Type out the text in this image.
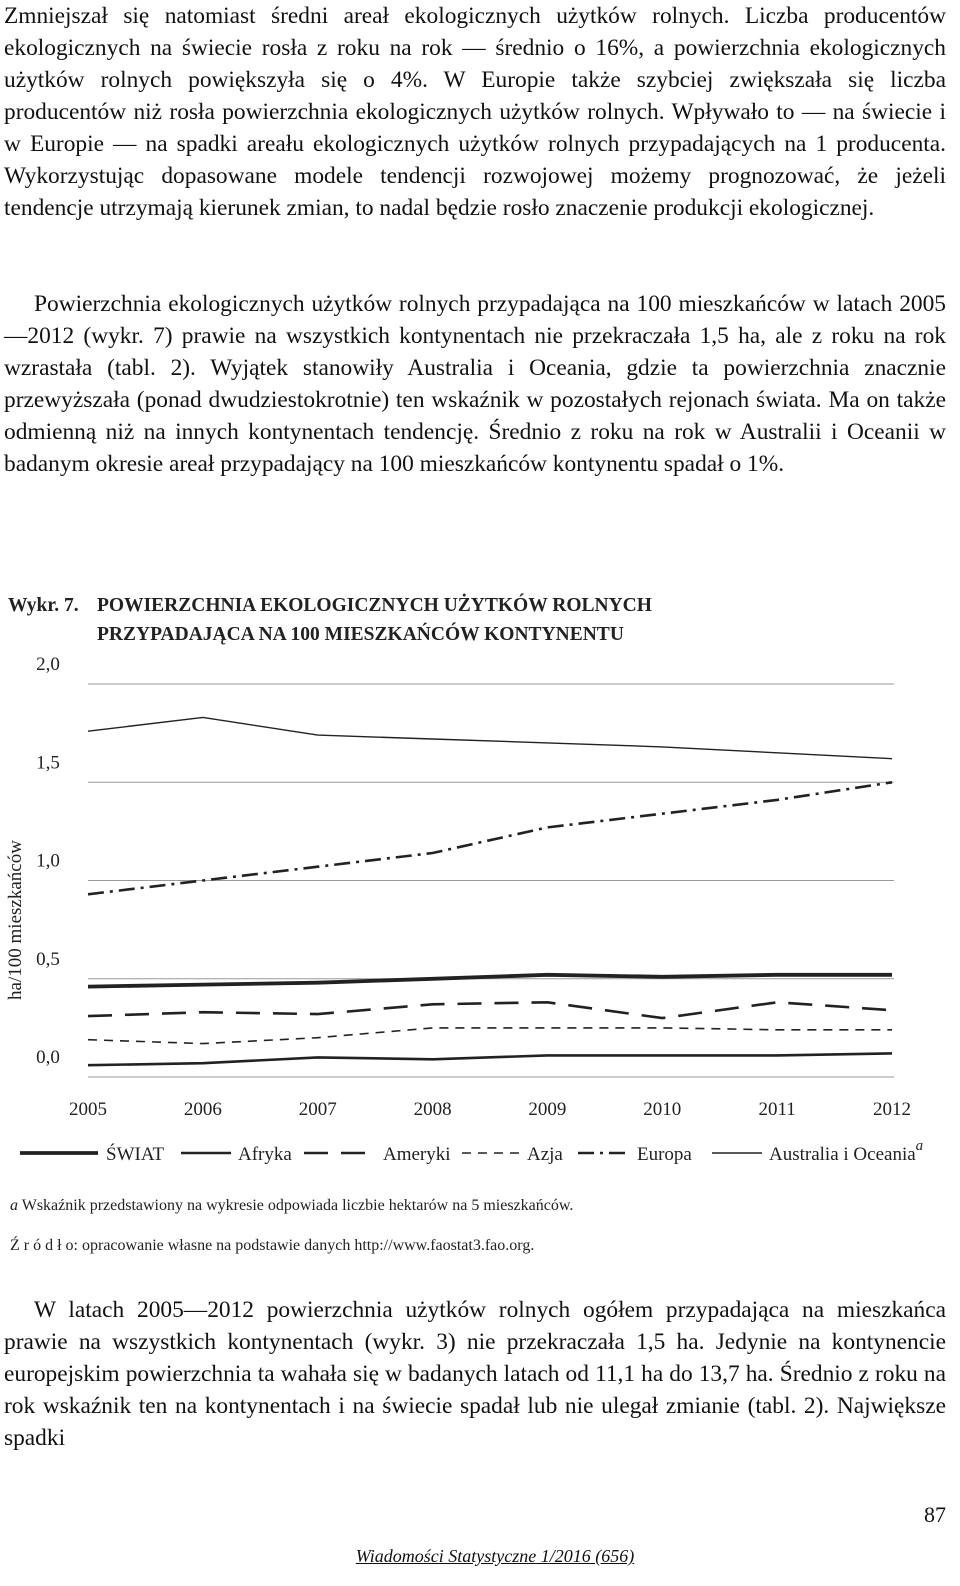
Zmniejszał się natomiast średni areał ekologicznych użytków rolnych. Liczba producentów ekologicznych na świecie rosła z roku na rok — średnio o 16%, a powierzchnia ekologicznych użytków rolnych powiększyła się o 4%. W Europie także szybciej zwiększała się liczba producentów niż rosła powierzchnia ekologicznych użytków rolnych. Wpływało to — na świecie i w Europie — na spadki areału ekologicznych użytków rolnych przypadających na 1 producenta. Wykorzystując dopasowane modele tendencji rozwojowej możemy prognozować, że jeżeli tendencje utrzymają kierunek zmian, to nadal będzie rosło znaczenie produkcji ekologicznej.

Powierzchnia ekologicznych użytków rolnych przypadająca na 100 mieszkańców w latach 2005—2012 (wykr. 7) prawie na wszystkich kontynentach nie przekraczała 1,5 ha, ale z roku na rok wzrastała (tabl. 2). Wyjątek stanowiły Australia i Oceania, gdzie ta powierzchnia znacznie przewyższała (ponad dwudziestokrotnie) ten wskaźnik w pozostałych rejonach świata. Ma on także odmienną niż na innych kontynentach tendencję. Średnio z roku na rok w Australii i Oceanii w badanym okresie areał przypadający na 100 mieszkańców kontynentu spadał o 1%.

Wykr. 7. POWIERZCHNIA EKOLOGICZNYCH UŻYTKÓW ROLNYCH

PRZYPADAJĄCA NA 100 MIESZKAŃCÓW KONTYNENTU

ha/100 mieszkańców
0,0
0,5
1,0
1,5
2,0
2005	2006	2007	2008	2009	2010	2011	2012
ŚWIAT	Afryka	Ameryki	Azja	Europa	Australia i Oceania$^a$

a Wskaźnik przedstawiony na wykresie odpowiada liczbie hektarów na 5 mieszkańców.

Ź r ó d ł o: opracowanie własne na podstawie danych http://www.faostat3.fao.org.

W latach 2005—2012 powierzchnia użytków rolnych ogółem przypadająca na mieszkańca prawie na wszystkich kontynentach (wykr. 3) nie przekraczała 1,5 ha. Jedynie na kontynencie europejskim powierzchnia ta wahała się w badanych latach od 11,1 ha do 13,7 ha. Średnio z roku na rok wskaźnik ten na kontynentach i na świecie spadał lub nie ulegał zmianie (tabl. 2). Największe spadki

87

Wiadomości Statystyczne 1/2016 (656)
